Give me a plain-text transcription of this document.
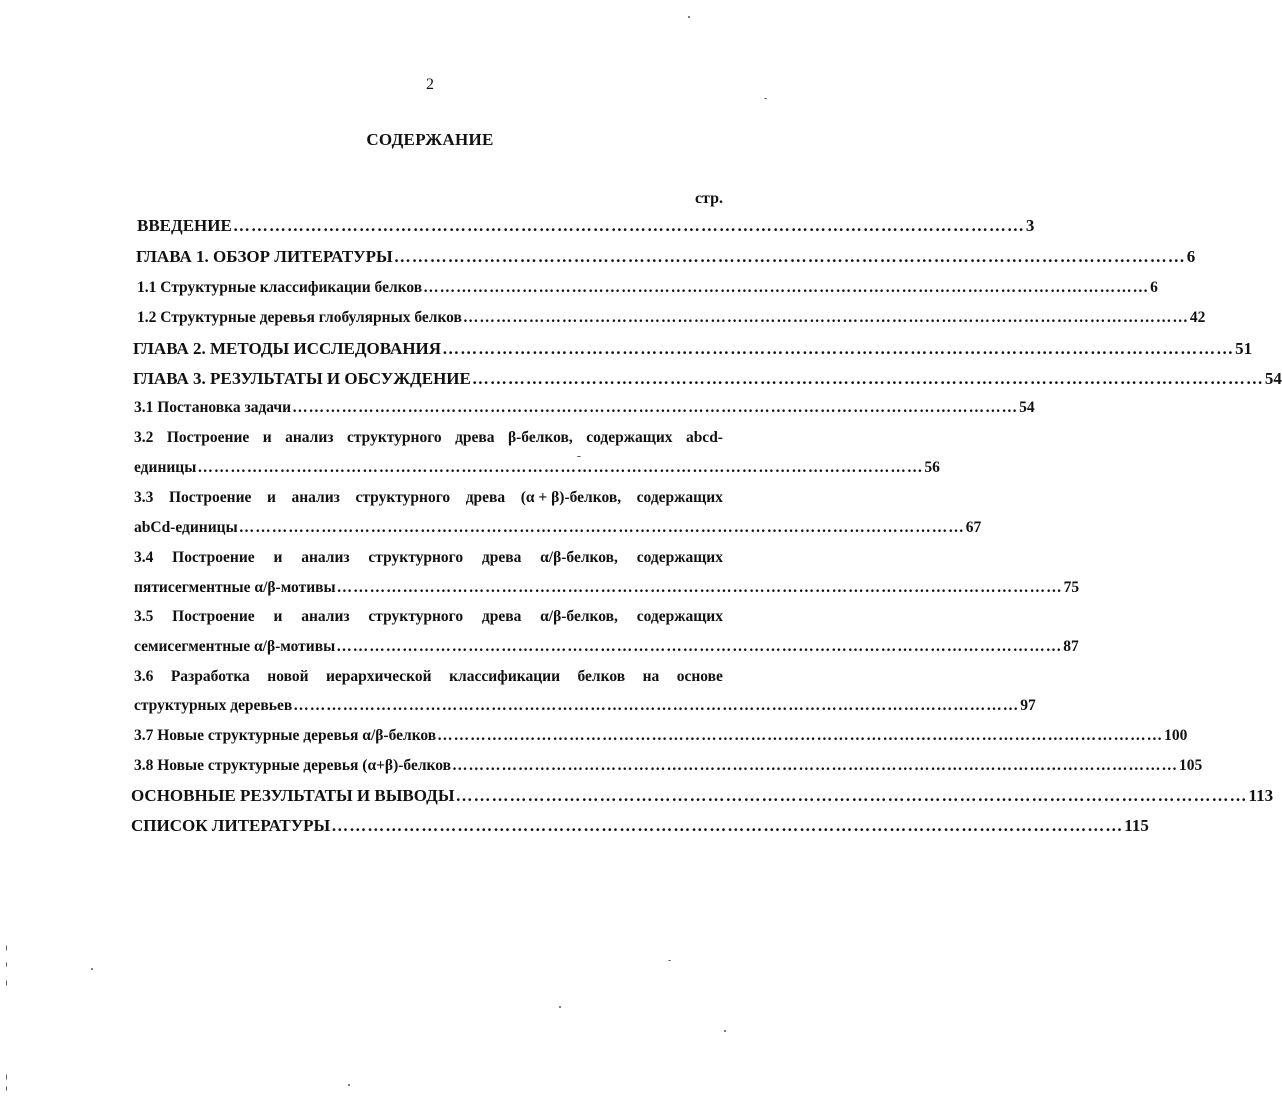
2
СОДЕРЖАНИЕ
стр.
ВВЕДЕНИЕ …………………………………………………………………………………………………………………… 3
ГЛАВА 1. ОБЗОР ЛИТЕРАТУРЫ …………………………………………………………………………………………………………………… 6
1.1 Структурные классификации белков …………………………………………………………………………………………………………………… 6
1.2 Структурные деревья глобулярных белков …………………………………………………………………………………………………………………… 42
ГЛАВА 2. МЕТОДЫ ИССЛЕДОВАНИЯ …………………………………………………………………………………………………………………… 51
ГЛАВА 3. РЕЗУЛЬТАТЫ И ОБСУЖДЕНИЕ …………………………………………………………………………………………………………………… 54
3.1 Постановка задачи …………………………………………………………………………………………………………………… 54
3.2 Построение и анализ структурного древа β-белков, содержащих abcd-
единицы …………………………………………………………………………………………………………………… 56
3.3 Построение и анализ структурного древа (α + β)-белков, содержащих
abCd-единицы …………………………………………………………………………………………………………………… 67
3.4 Построение и анализ структурного древа α/β-белков, содержащих
пятисегментные α/β-мотивы …………………………………………………………………………………………………………………… 75
3.5 Построение и анализ структурного древа α/β-белков, содержащих
семисегментные α/β-мотивы …………………………………………………………………………………………………………………… 87
3.6 Разработка новой иерархической классификации белков на основе
структурных деревьев …………………………………………………………………………………………………………………… 97
3.7 Новые структурные деревья α/β-белков …………………………………………………………………………………………………………………… 100
3.8 Новые структурные деревья (α+β)-белков …………………………………………………………………………………………………………………… 105
ОСНОВНЫЕ РЕЗУЛЬТАТЫ И ВЫВОДЫ …………………………………………………………………………………………………………………… 113
СПИСОК ЛИТЕРАТУРЫ …………………………………………………………………………………………………………………… 115
